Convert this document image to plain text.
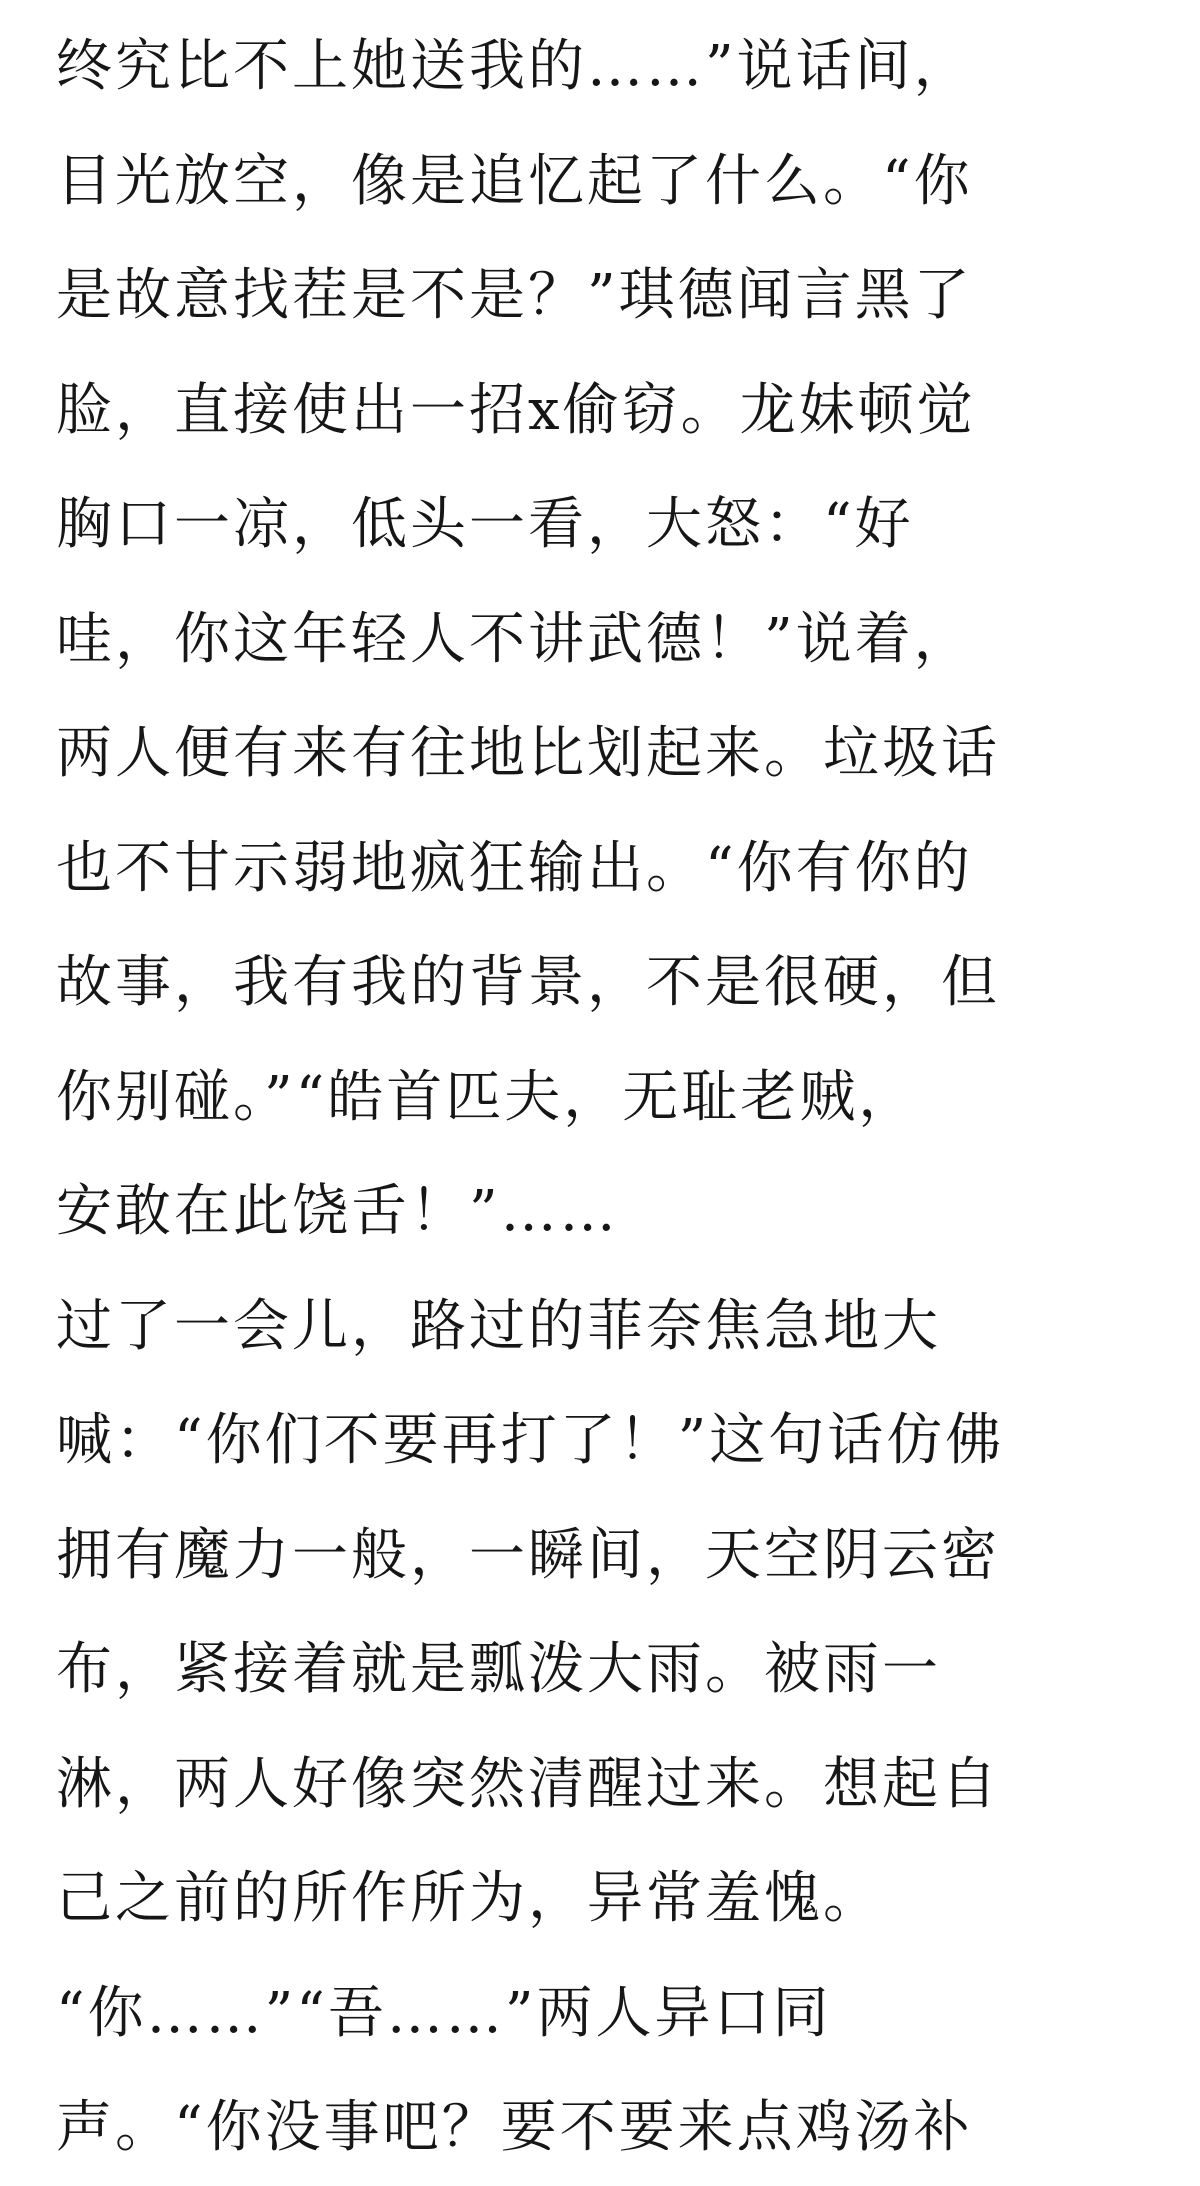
终究比不上她送我的……”说话间，
目光放空，像是追忆起了什么。“你
是故意找茬是不是？”琪德闻言黑了
脸，直接使出一招x偷窃。龙妹顿觉
胸口一凉，低头一看，大怒：“好
哇，你这年轻人不讲武德！”说着，
两人便有来有往地比划起来。垃圾话
也不甘示弱地疯狂输出。“你有你的
故事，我有我的背景，不是很硬，但
你别碰。”“皓首匹夫，无耻老贼，
安敢在此饶舌！”……
过了一会儿，路过的菲奈焦急地大
喊：“你们不要再打了！”这句话仿佛
拥有魔力一般，一瞬间，天空阴云密
布，紧接着就是瓢泼大雨。被雨一
淋，两人好像突然清醒过来。想起自
己之前的所作所为，异常羞愧。
“你……”“吾……”两人异口同
声。“你没事吧？要不要来点鸡汤补
